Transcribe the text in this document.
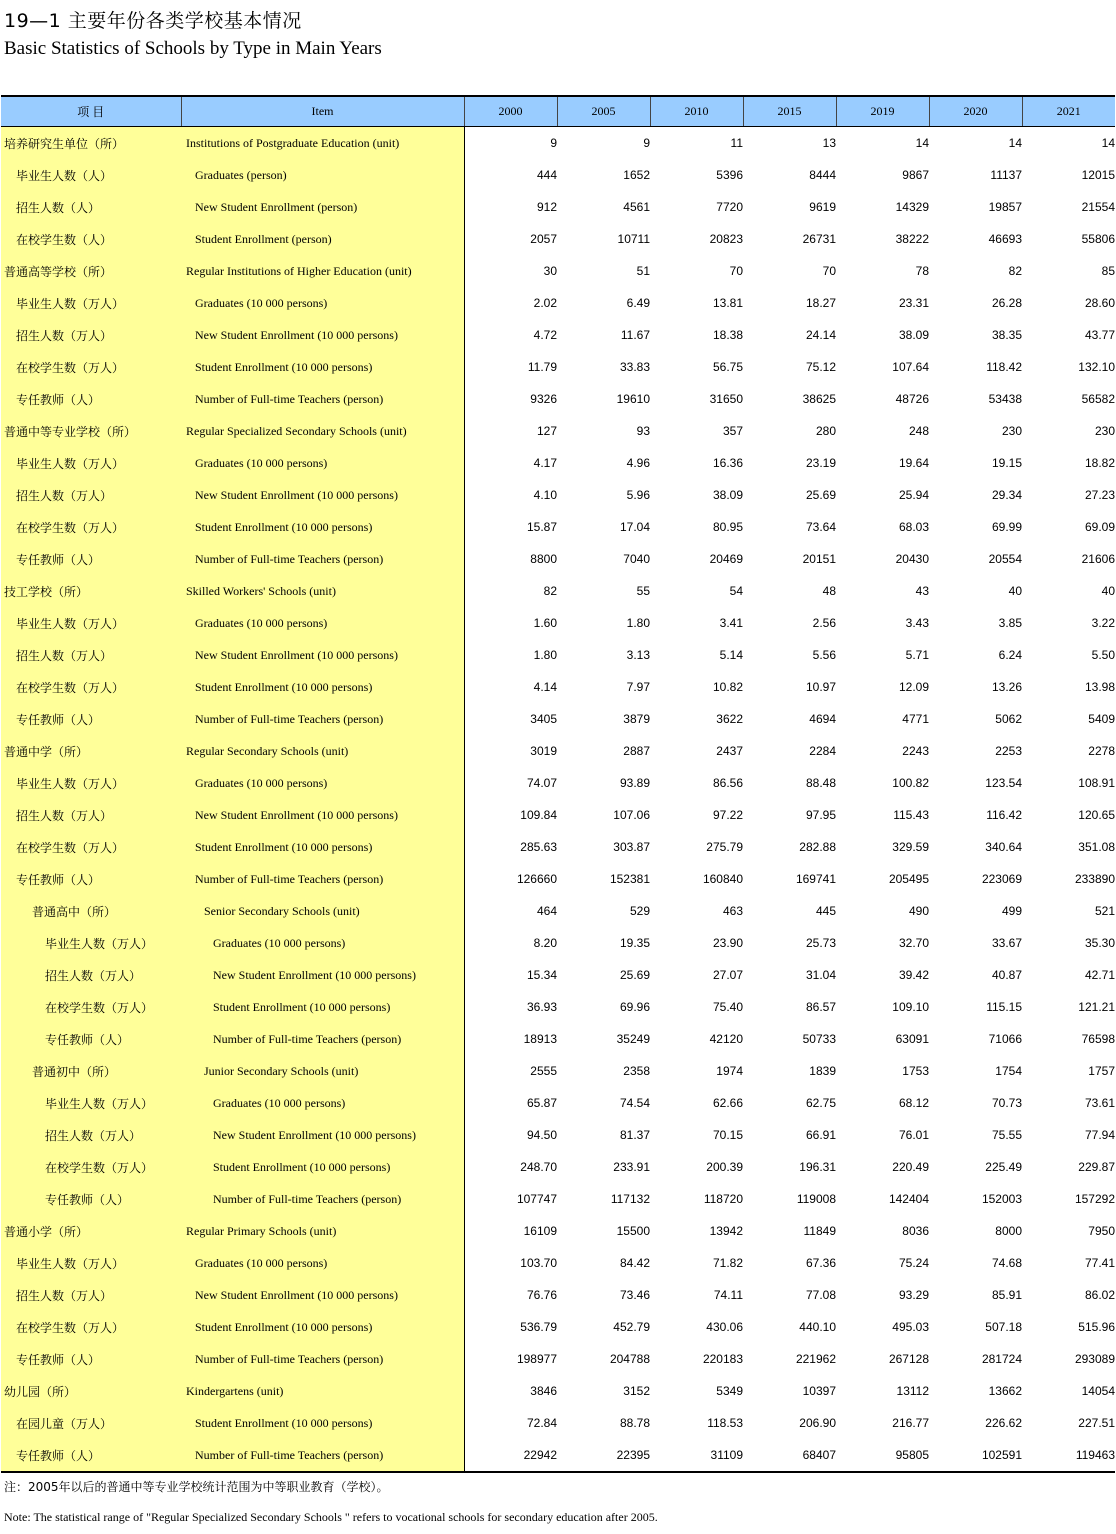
19—1 主要年份各类学校基本情况
Basic Statistics of Schools by Type in Main Years
项 目	Item	2000	2005	2010	2015	2019	2020	2021
培养研究生单位（所）	Institutions of Postgraduate Education (unit)	9	9	11	13	14	14	14
毕业生人数（人）	Graduates (person)	444	1652	5396	8444	9867	11137	12015
招生人数（人）	New Student Enrollment (person)	912	4561	7720	9619	14329	19857	21554
在校学生数（人）	Student Enrollment (person)	2057	10711	20823	26731	38222	46693	55806
普通高等学校（所）	Regular Institutions of Higher Education (unit)	30	51	70	70	78	82	85
毕业生人数（万人）	Graduates (10 000 persons)	2.02	6.49	13.81	18.27	23.31	26.28	28.60
招生人数（万人）	New Student Enrollment (10 000 persons)	4.72	11.67	18.38	24.14	38.09	38.35	43.77
在校学生数（万人）	Student Enrollment (10 000 persons)	11.79	33.83	56.75	75.12	107.64	118.42	132.10
专任教师（人）	Number of Full-time Teachers (person)	9326	19610	31650	38625	48726	53438	56582
普通中等专业学校（所）	Regular Specialized Secondary Schools (unit)	127	93	357	280	248	230	230
毕业生人数（万人）	Graduates (10 000 persons)	4.17	4.96	16.36	23.19	19.64	19.15	18.82
招生人数（万人）	New Student Enrollment (10 000 persons)	4.10	5.96	38.09	25.69	25.94	29.34	27.23
在校学生数（万人）	Student Enrollment (10 000 persons)	15.87	17.04	80.95	73.64	68.03	69.99	69.09
专任教师（人）	Number of Full-time Teachers (person)	8800	7040	20469	20151	20430	20554	21606
技工学校（所）	Skilled Workers' Schools (unit)	82	55	54	48	43	40	40
毕业生人数（万人）	Graduates (10 000 persons)	1.60	1.80	3.41	2.56	3.43	3.85	3.22
招生人数（万人）	New Student Enrollment (10 000 persons)	1.80	3.13	5.14	5.56	5.71	6.24	5.50
在校学生数（万人）	Student Enrollment (10 000 persons)	4.14	7.97	10.82	10.97	12.09	13.26	13.98
专任教师（人）	Number of Full-time Teachers (person)	3405	3879	3622	4694	4771	5062	5409
普通中学（所）	Regular Secondary Schools (unit)	3019	2887	2437	2284	2243	2253	2278
毕业生人数（万人）	Graduates (10 000 persons)	74.07	93.89	86.56	88.48	100.82	123.54	108.91
招生人数（万人）	New Student Enrollment (10 000 persons)	109.84	107.06	97.22	97.95	115.43	116.42	120.65
在校学生数（万人）	Student Enrollment (10 000 persons)	285.63	303.87	275.79	282.88	329.59	340.64	351.08
专任教师（人）	Number of Full-time Teachers (person)	126660	152381	160840	169741	205495	223069	233890
普通高中（所）	Senior Secondary Schools (unit)	464	529	463	445	490	499	521
毕业生人数（万人）	Graduates (10 000 persons)	8.20	19.35	23.90	25.73	32.70	33.67	35.30
招生人数（万人）	New Student Enrollment (10 000 persons)	15.34	25.69	27.07	31.04	39.42	40.87	42.71
在校学生数（万人）	Student Enrollment (10 000 persons)	36.93	69.96	75.40	86.57	109.10	115.15	121.21
专任教师（人）	Number of Full-time Teachers (person)	18913	35249	42120	50733	63091	71066	76598
普通初中（所）	Junior Secondary Schools (unit)	2555	2358	1974	1839	1753	1754	1757
毕业生人数（万人）	Graduates (10 000 persons)	65.87	74.54	62.66	62.75	68.12	70.73	73.61
招生人数（万人）	New Student Enrollment (10 000 persons)	94.50	81.37	70.15	66.91	76.01	75.55	77.94
在校学生数（万人）	Student Enrollment (10 000 persons)	248.70	233.91	200.39	196.31	220.49	225.49	229.87
专任教师（人）	Number of Full-time Teachers (person)	107747	117132	118720	119008	142404	152003	157292
普通小学（所）	Regular Primary Schools (unit)	16109	15500	13942	11849	8036	8000	7950
毕业生人数（万人）	Graduates (10 000 persons)	103.70	84.42	71.82	67.36	75.24	74.68	77.41
招生人数（万人）	New Student Enrollment (10 000 persons)	76.76	73.46	74.11	77.08	93.29	85.91	86.02
在校学生数（万人）	Student Enrollment (10 000 persons)	536.79	452.79	430.06	440.10	495.03	507.18	515.96
专任教师（人）	Number of Full-time Teachers (person)	198977	204788	220183	221962	267128	281724	293089
幼儿园（所）	Kindergartens (unit)	3846	3152	5349	10397	13112	13662	14054
在园儿童（万人）	Student Enrollment (10 000 persons)	72.84	88.78	118.53	206.90	216.77	226.62	227.51
专任教师（人）	Number of Full-time Teachers (person)	22942	22395	31109	68407	95805	102591	119463
注：2005年以后的普通中等专业学校统计范围为中等职业教育（学校）。
Note: The statistical range of "Regular Specialized Secondary Schools " refers to vocational schools for secondary education after 2005.
